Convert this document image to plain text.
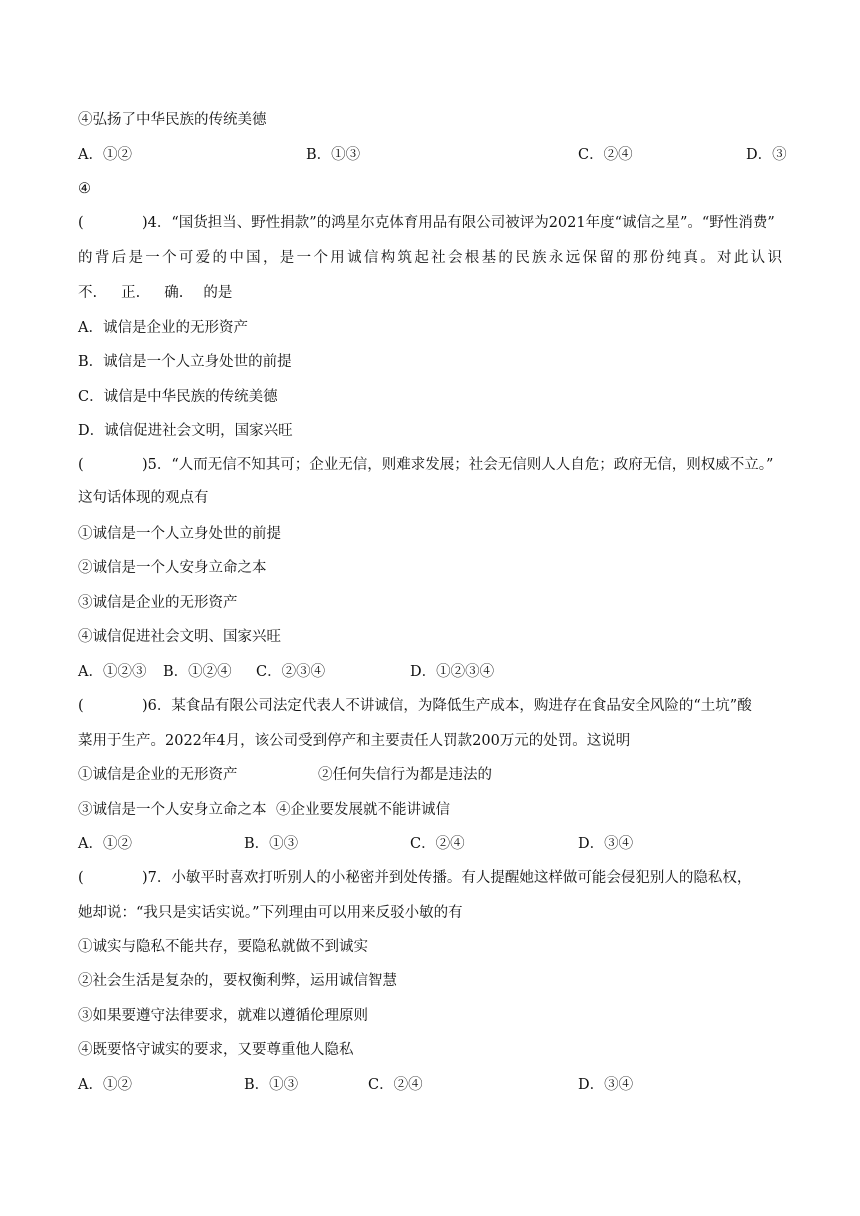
④弘扬了中华民族的传统美德
A．①②	B．①③	C．②④	D．③
④
(	)4．“国货担当、野性捐款”的鸿星尔克体育用品有限公司被评为2021年度“诚信之星”。“野性消费”
的背后是一个可爱的中国，是一个用诚信构筑起社会根基的民族永远保留的那份纯真。对此认识
不. 正. 确. 的是
A．诚信是企业的无形资产
B．诚信是一个人立身处世的前提
C．诚信是中华民族的传统美德
D．诚信促进社会文明，国家兴旺
(	)5．“人而无信不知其可；企业无信，则难求发展；社会无信则人人自危；政府无信，则权威不立。”
这句话体现的观点有
①诚信是一个人立身处世的前提
②诚信是一个人安身立命之本
③诚信是企业的无形资产
④诚信促进社会文明、国家兴旺
A．①②③ B．①②④ C．②③④	D．①②③④
(	)6．某食品有限公司法定代表人不讲诚信，为降低生产成本，购进存在食品安全风险的“土坑”酸
菜用于生产。2022年4月，该公司受到停产和主要责任人罚款200万元的处罚。这说明
①诚信是企业的无形资产	②任何失信行为都是违法的
③诚信是一个人安身立命之本 ④企业要发展就不能讲诚信
A．①②	B．①③	C．②④	D．③④
(	)7．小敏平时喜欢打听别人的小秘密并到处传播。有人提醒她这样做可能会侵犯别人的隐私权，
她却说：“我只是实话实说。”下列理由可以用来反驳小敏的有
①诚实与隐私不能共存，要隐私就做不到诚实
②社会生活是复杂的，要权衡利弊，运用诚信智慧
③如果要遵守法律要求，就难以遵循伦理原则
④既要恪守诚实的要求，又要尊重他人隐私
A．①②	B．①③	C．②④	D．③④
